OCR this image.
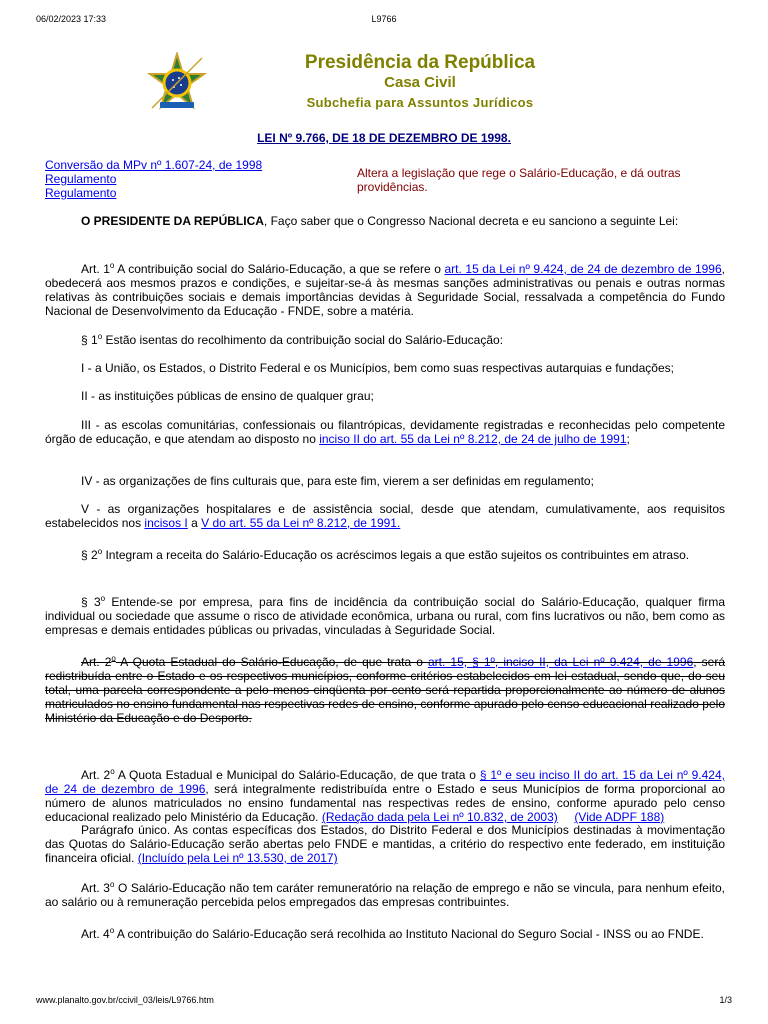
06/02/2023 17:33	L9766
www.planalto.gov.br/ccivil_03/leis/L9766.htm	1/3
Presidência da República
Casa Civil
Subchefia para Assuntos Jurídicos
LEI Nº 9.766, DE 18 DE DEZEMBRO DE 1998.
Conversão da MPv nº 1.607-24, de 1998
Regulamento
Regulamento
Altera a legislação que rege o Salário-Educação, e dá outras providências.
O PRESIDENTE DA REPÚBLICA, Faço saber que o Congresso Nacional decreta e eu sanciono a seguinte Lei:
Art. 1$^o$ A contribuição social do Salário-Educação, a que se refere o art. 15 da Lei nº 9.424, de 24 de dezembro de 1996, obedecerá aos mesmos prazos e condições, e sujeitar-se-á às mesmas sanções administrativas ou penais e outras normas relativas às contribuições sociais e demais importâncias devidas à Seguridade Social, ressalvada a competência do Fundo Nacional de Desenvolvimento da Educação - FNDE, sobre a matéria.
§ 1$^o$ Estão isentas do recolhimento da contribuição social do Salário-Educação:
I - a União, os Estados, o Distrito Federal e os Municípios, bem como suas respectivas autarquias e fundações;
II - as instituições públicas de ensino de qualquer grau;
III - as escolas comunitárias, confessionais ou filantrópicas, devidamente registradas e reconhecidas pelo competente órgão de educação, e que atendam ao disposto no inciso II do art. 55 da Lei nº 8.212, de 24 de julho de 1991;
IV - as organizações de fins culturais que, para este fim, vierem a ser definidas em regulamento;
V - as organizações hospitalares e de assistência social, desde que atendam, cumulativamente, aos requisitos estabelecidos nos incisos I a V do art. 55 da Lei nº 8.212, de 1991.
§ 2$^o$ Integram a receita do Salário-Educação os acréscimos legais a que estão sujeitos os contribuintes em atraso.
§ 3$^o$ Entende-se por empresa, para fins de incidência da contribuição social do Salário-Educação, qualquer firma individual ou sociedade que assume o risco de atividade econômica, urbana ou rural, com fins lucrativos ou não, bem como as empresas e demais entidades públicas ou privadas, vinculadas à Seguridade Social.
Art. 2$^o$ A Quota Estadual do Salário-Educação, de que trata o art. 15, § 1º, inciso II, da Lei nº 9.424, de 1996, será redistribuída entre o Estado e os respectivos municípios, conforme critérios estabelecidos em lei estadual, sendo que, do seu total, uma parcela correspondente a pelo menos cinqüenta por cento será repartida proporcionalmente ao número de alunos matriculados no ensino fundamental nas respectivas redes de ensino, conforme apurado pelo censo educacional realizado pelo Ministério da Educação e do Desporto.
Art. 2$^o$ A Quota Estadual e Municipal do Salário-Educação, de que trata o § 1º e seu inciso II do art. 15 da Lei nº 9.424, de 24 de dezembro de 1996, será integralmente redistribuída entre o Estado e seus Municípios de forma proporcional ao número de alunos matriculados no ensino fundamental nas respectivas redes de ensino, conforme apurado pelo censo educacional realizado pelo Ministério da Educação. (Redação dada pela Lei nº 10.832, de 2003) (Vide ADPF 188)
Parágrafo único. As contas específicas dos Estados, do Distrito Federal e dos Municípios destinadas à movimentação das Quotas do Salário-Educação serão abertas pelo FNDE e mantidas, a critério do respectivo ente federado, em instituição financeira oficial. (Incluído pela Lei nº 13.530, de 2017)
Art. 3$^o$ O Salário-Educação não tem caráter remuneratório na relação de emprego e não se vincula, para nenhum efeito, ao salário ou à remuneração percebida pelos empregados das empresas contribuintes.
Art. 4$^o$ A contribuição do Salário-Educação será recolhida ao Instituto Nacional do Seguro Social - INSS ou ao FNDE.
